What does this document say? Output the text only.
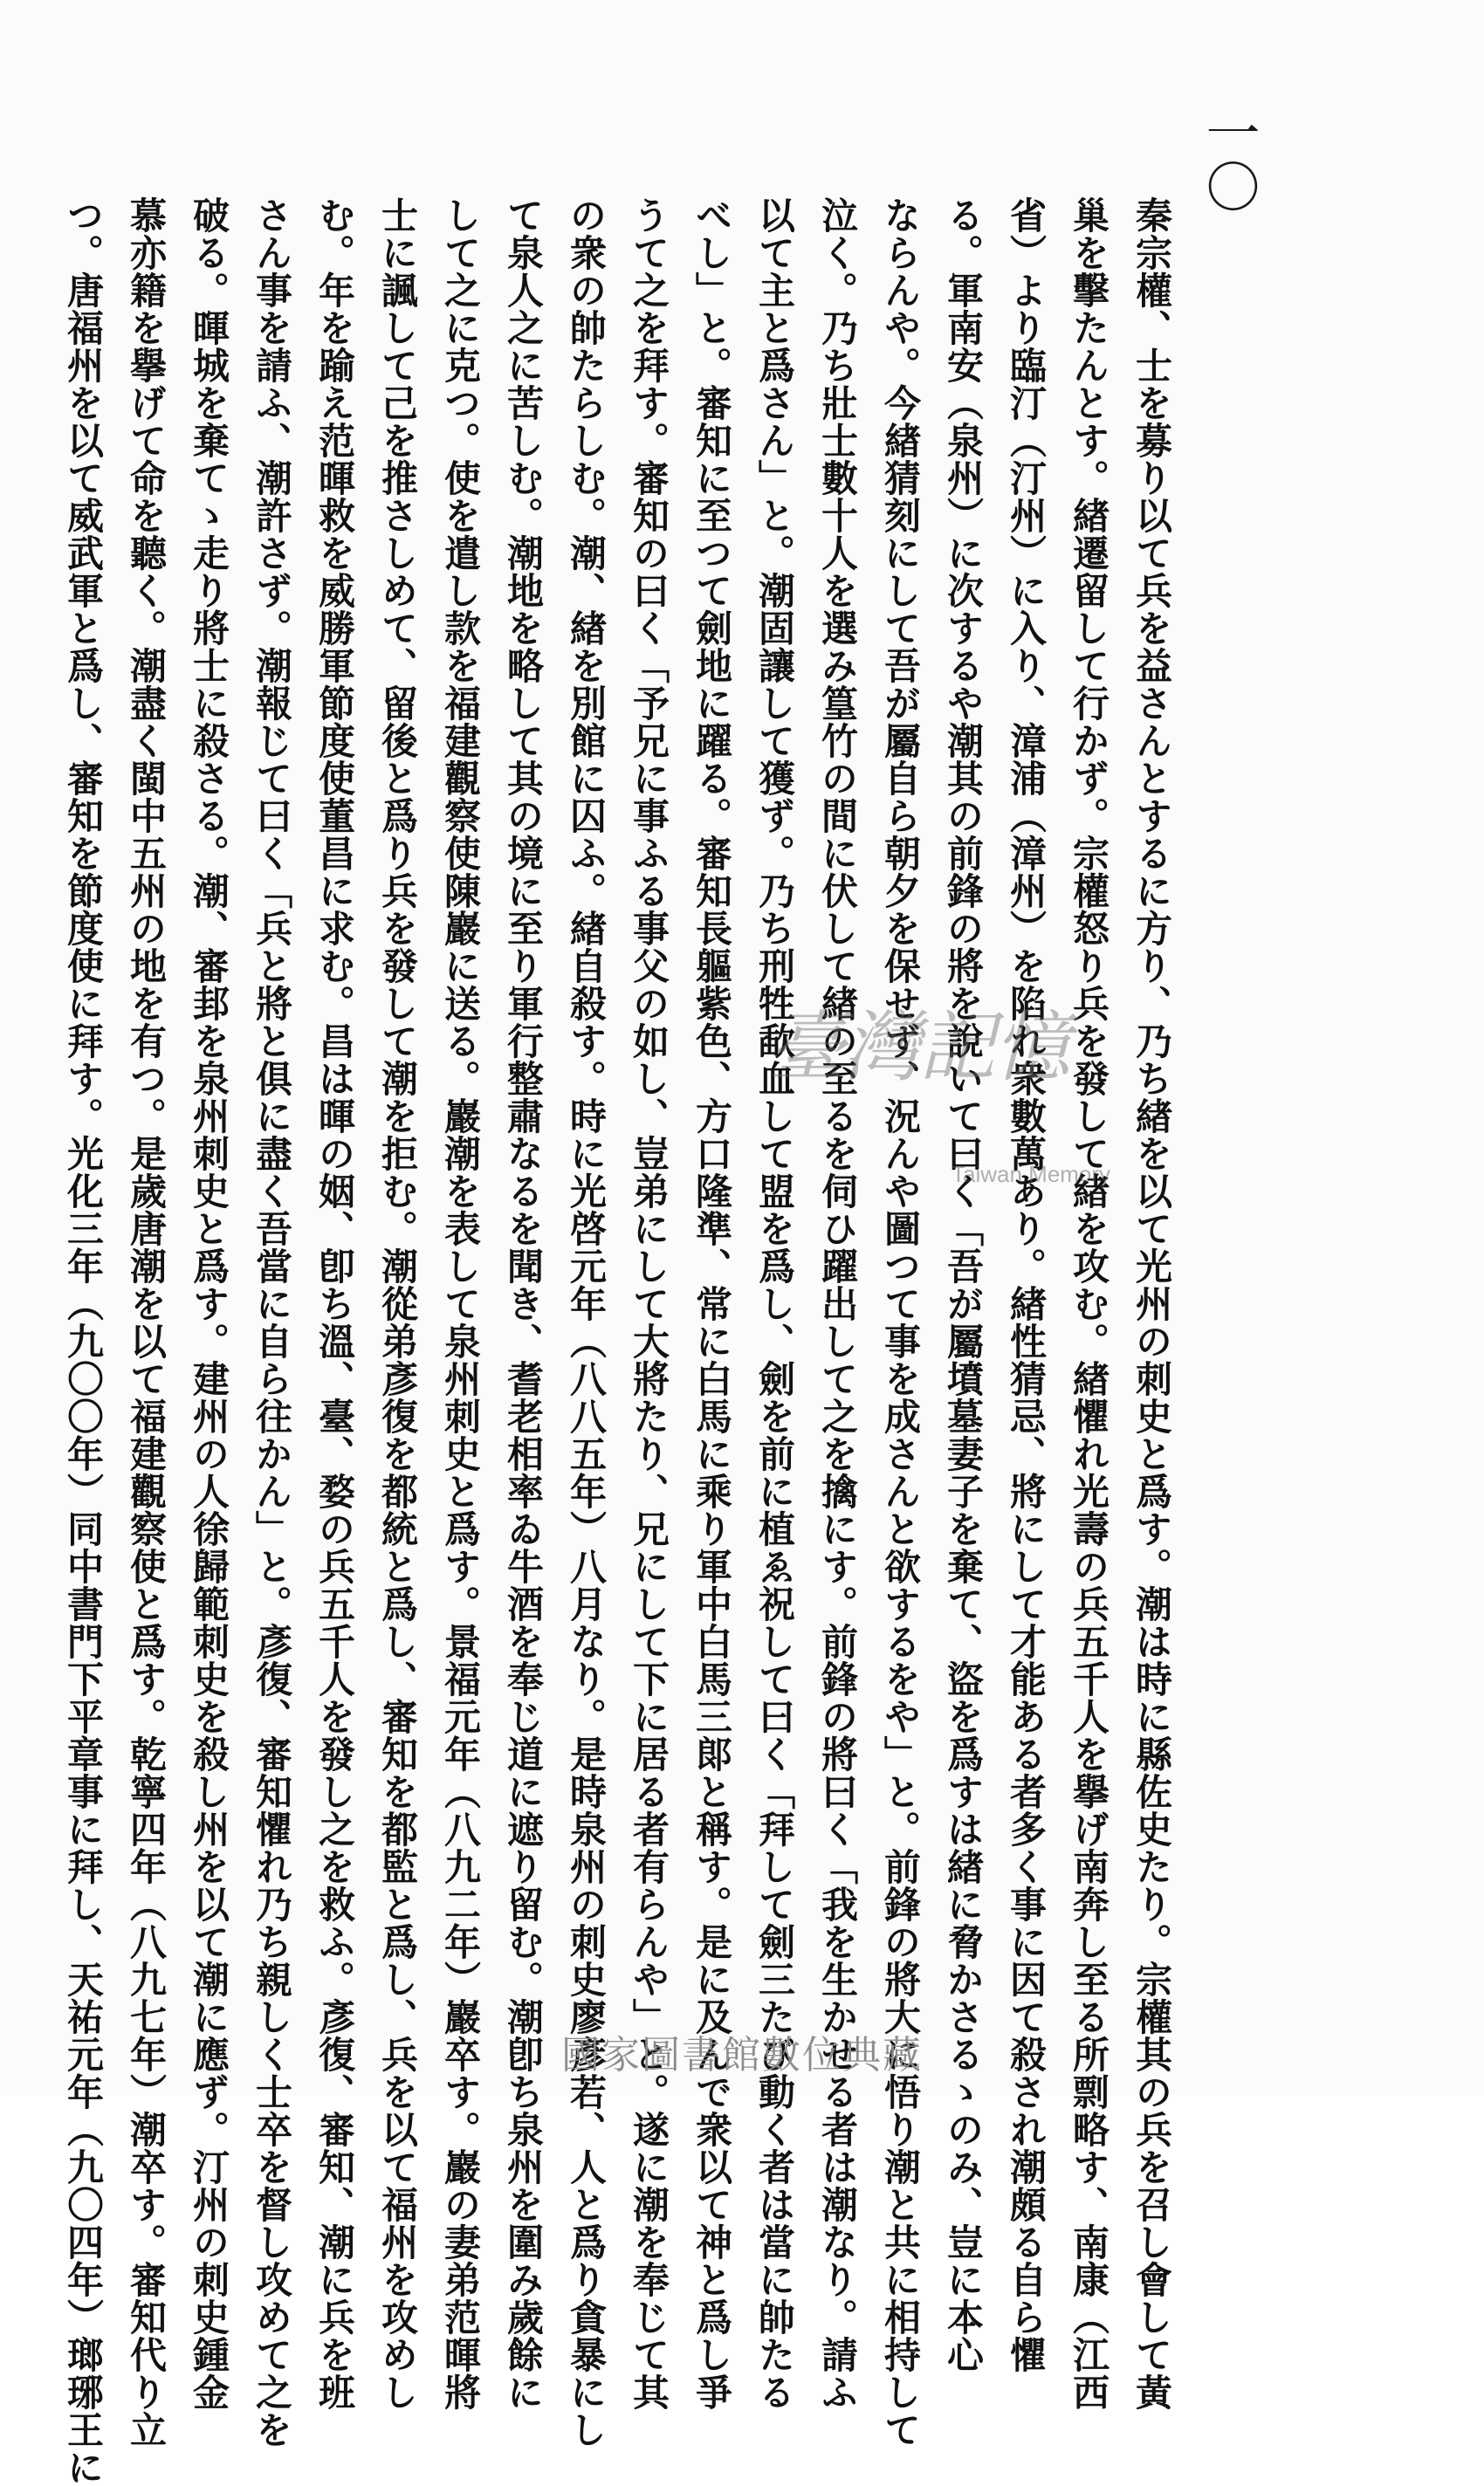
一〇
秦宗權、士を募り以て兵を益さんとするに方り、乃ち緖を以て光州の刺史と爲す。潮は時に縣佐史たり。宗權其の兵を召し會して黃
巢を擊たんとす。緖遷留して行かず。宗權怒り兵を發して緖を攻む。緖懼れ光壽の兵五千人を擧げ南奔し至る所剽略す、南康（江西
省）より臨汀（汀州）に入り、漳浦（漳州）を陷れ衆數萬あり。緖性猜忌、將にして才能ある者多く事に因て殺され潮頗る自ら懼
る。軍南安（泉州）に次するや潮其の前鋒の將を說いて曰く「吾が屬墳墓妻子を棄て、盜を爲すは緖に脅かさるゝのみ、豈に本心
ならんや。今緖猜刻にして吾が屬自ら朝夕を保せず、況んや圖つて事を成さんと欲するをや」と。前鋒の將大に悟り潮と共に相持して
泣く。乃ち壯士數十人を選み篁竹の間に伏して緖の至るを伺ひ躍出して之を擒にす。前鋒の將曰く「我を生かせる者は潮なり。請ふ
以て主と爲さん」と。潮固讓して獲ず。乃ち刑牲歃血して盟を爲し、劍を前に植ゑ祝して曰く「拜して劍三たび動く者は當に帥たる
べし」と。審知に至つて劍地に躍る。審知長軀紫色、方口隆準、常に白馬に乘り軍中白馬三郞と稱す。是に及んで衆以て神と爲し爭
うて之を拜す。審知の曰く「予兄に事ふる事父の如し、豈弟にして大將たり、兄にして下に居る者有らんや」と。遂に潮を奉じて其
の衆の帥たらしむ。潮、緖を別館に囚ふ。緖自殺す。時に光啓元年（八八五年）八月なり。是時泉州の刺史廖彥若、人と爲り貪暴にし
て泉人之に苦しむ。潮地を略して其の境に至り軍行整肅なるを聞き、耆老相率ゐ牛酒を奉じ道に遮り留む。潮卽ち泉州を圍み歲餘に
して之に克つ。使を遣し款を福建觀察使陳巖に送る。巖潮を表して泉州刺史と爲す。景福元年（八九二年）巖卒す。巖の妻弟范暉將
士に諷して己を推さしめて、留後と爲り兵を發して潮を拒む。潮從弟彥復を都統と爲し、審知を都監と爲し、兵を以て福州を攻めし
む。年を踰え范暉救を威勝軍節度使董昌に求む。昌は暉の姻、卽ち溫、臺、婺の兵五千人を發し之を救ふ。彥復、審知、潮に兵を班
さん事を請ふ、潮許さず。潮報じて曰く「兵と將と俱に盡く吾當に自ら往かん」と。彥復、審知懼れ乃ち親しく士卒を督し攻めて之を
破る。暉城を棄てゝ走り將士に殺さる。潮、審邽を泉州刺史と爲す。建州の人徐歸範刺史を殺し州を以て潮に應ず。汀州の刺史鍾金
慕亦籍を擧げて命を聽く。潮盡く閩中五州の地を有つ。是歲唐潮を以て福建觀察使と爲す。乾寧四年（八九七年）潮卒す。審知代り立
つ。唐福州を以て威武軍と爲し、審知を節度使に拜す。光化三年（九〇〇年）同中書門下平章事に拜し、天祐元年（九〇四年）瑯琊王に	臺灣記憶
Taiwan Memory
國家圖書館數位典藏
